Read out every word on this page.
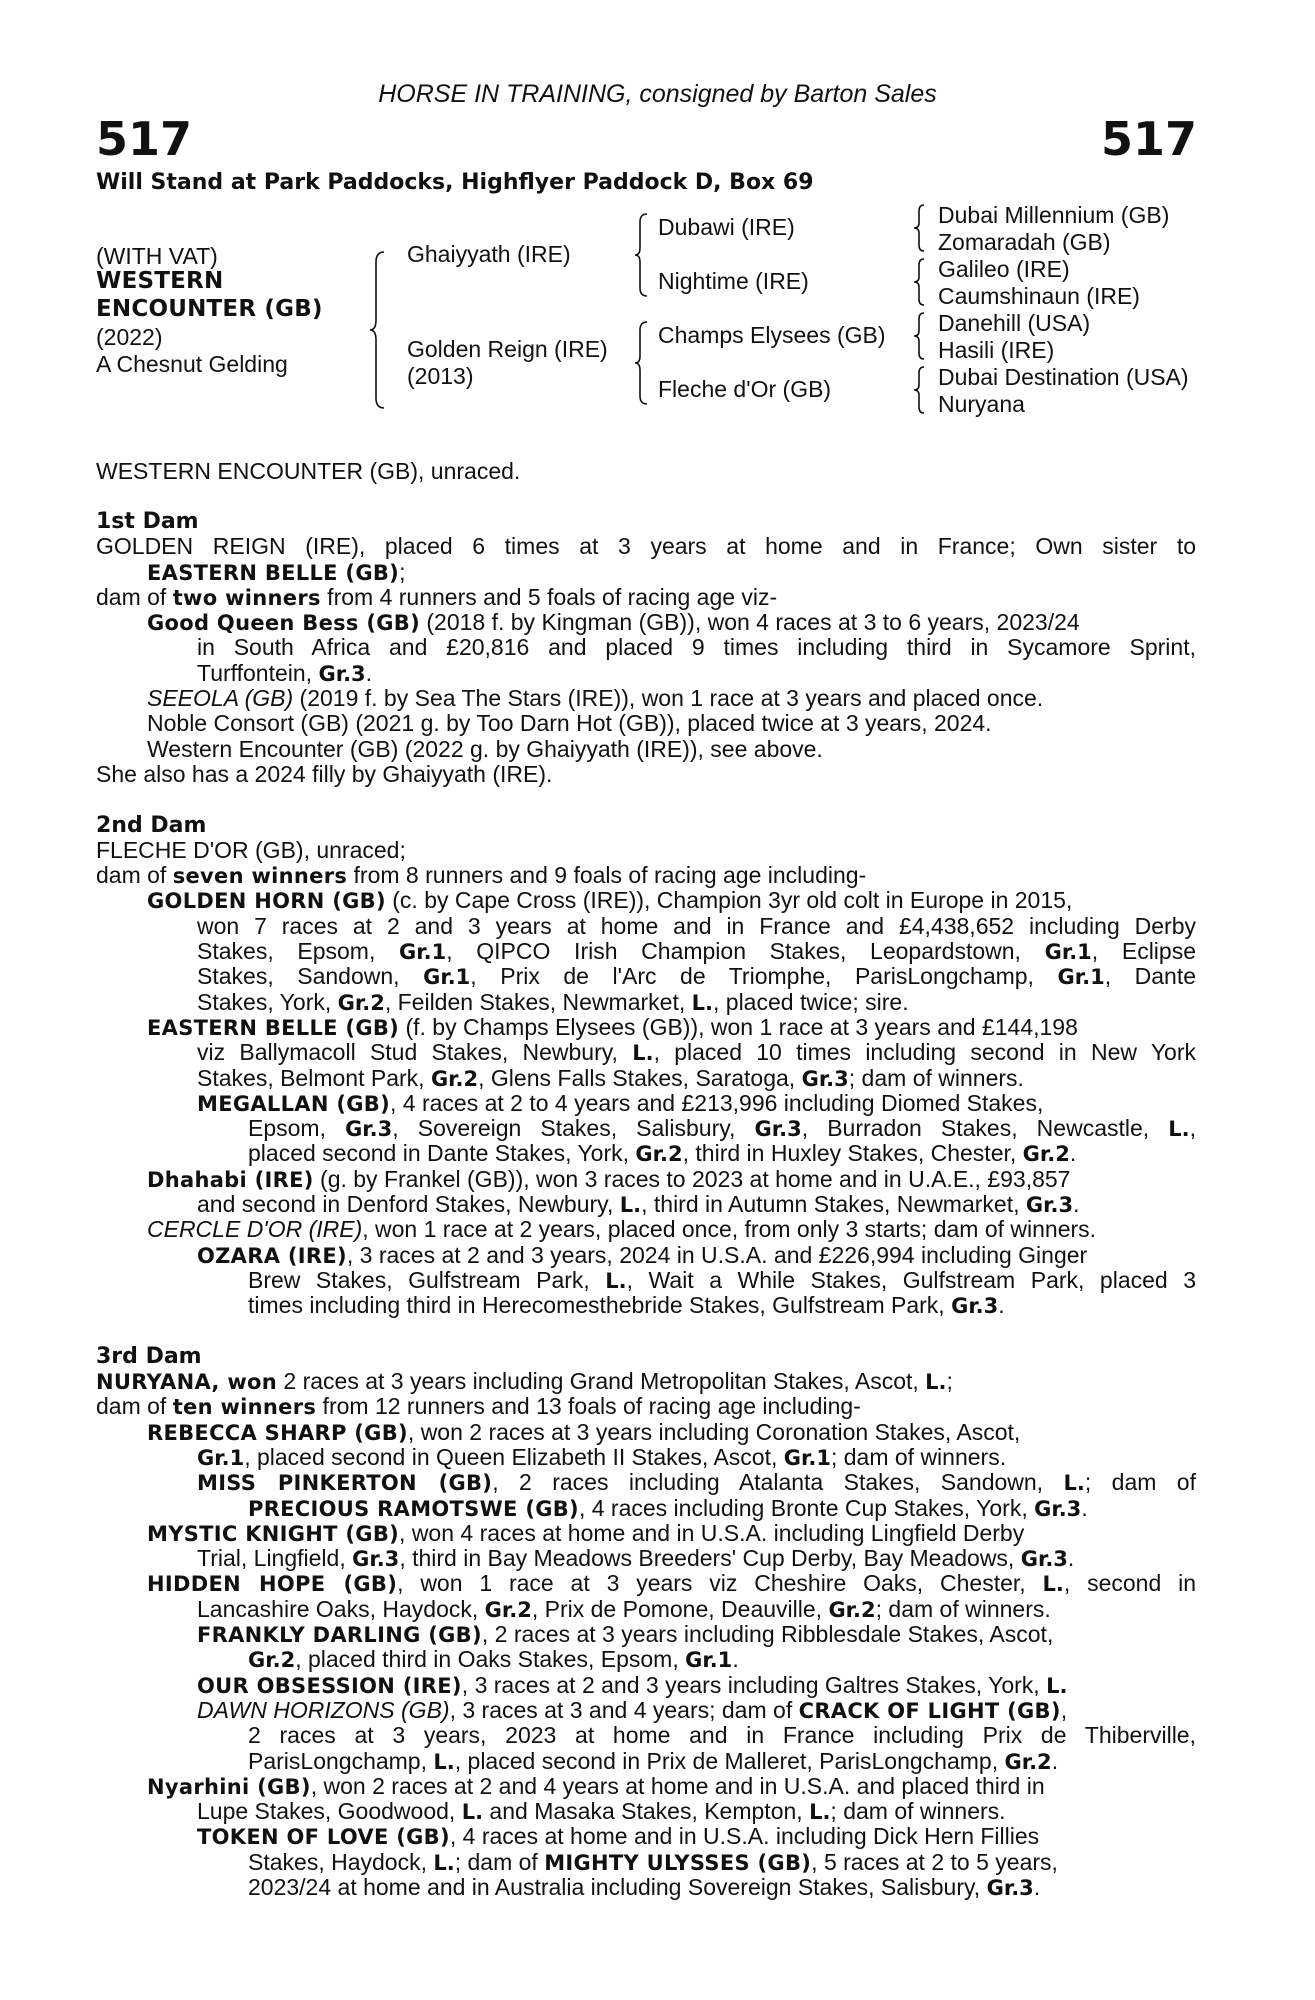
HORSE IN TRAINING, consigned by Barton Sales
517	517
Will Stand at Park Paddocks, Highflyer Paddock D, Box 69
(WITH VAT)
WESTERN
ENCOUNTER (GB)
(2022)
A Chesnut Gelding
Ghaiyyath (IRE)
Golden Reign (IRE)
(2013)
Dubawi (IRE)
Nightime (IRE)
Champs Elysees (GB)
Fleche d'Or (GB)
Dubai Millennium (GB)
Zomaradah (GB)
Galileo (IRE)
Caumshinaun (IRE)
Danehill (USA)
Hasili (IRE)
Dubai Destination (USA)
Nuryana
WESTERN ENCOUNTER (GB), unraced.
1st Dam
GOLDEN REIGN (IRE), placed 6 times at 3 years at home and in France; Own sister to
EASTERN BELLE (GB);
dam of two winners from 4 runners and 5 foals of racing age viz-
Good Queen Bess (GB) (2018 f. by Kingman (GB)), won 4 races at 3 to 6 years, 2023/24
in South Africa and £20,816 and placed 9 times including third in Sycamore Sprint,
Turffontein, Gr.3.
SEEOLA (GB) (2019 f. by Sea The Stars (IRE)), won 1 race at 3 years and placed once.
Noble Consort (GB) (2021 g. by Too Darn Hot (GB)), placed twice at 3 years, 2024.
Western Encounter (GB) (2022 g. by Ghaiyyath (IRE)), see above.
She also has a 2024 filly by Ghaiyyath (IRE).
2nd Dam
FLECHE D'OR (GB), unraced;
dam of seven winners from 8 runners and 9 foals of racing age including-
GOLDEN HORN (GB) (c. by Cape Cross (IRE)), Champion 3yr old colt in Europe in 2015,
won 7 races at 2 and 3 years at home and in France and £4,438,652 including Derby
Stakes, Epsom, Gr.1, QIPCO Irish Champion Stakes, Leopardstown, Gr.1, Eclipse
Stakes, Sandown, Gr.1, Prix de l'Arc de Triomphe, ParisLongchamp, Gr.1, Dante
Stakes, York, Gr.2, Feilden Stakes, Newmarket, L., placed twice; sire.
EASTERN BELLE (GB) (f. by Champs Elysees (GB)), won 1 race at 3 years and £144,198
viz Ballymacoll Stud Stakes, Newbury, L., placed 10 times including second in New York
Stakes, Belmont Park, Gr.2, Glens Falls Stakes, Saratoga, Gr.3; dam of winners.
MEGALLAN (GB), 4 races at 2 to 4 years and £213,996 including Diomed Stakes,
Epsom, Gr.3, Sovereign Stakes, Salisbury, Gr.3, Burradon Stakes, Newcastle, L.,
placed second in Dante Stakes, York, Gr.2, third in Huxley Stakes, Chester, Gr.2.
Dhahabi (IRE) (g. by Frankel (GB)), won 3 races to 2023 at home and in U.A.E., £93,857
and second in Denford Stakes, Newbury, L., third in Autumn Stakes, Newmarket, Gr.3.
CERCLE D'OR (IRE), won 1 race at 2 years, placed once, from only 3 starts; dam of winners.
OZARA (IRE), 3 races at 2 and 3 years, 2024 in U.S.A. and £226,994 including Ginger
Brew Stakes, Gulfstream Park, L., Wait a While Stakes, Gulfstream Park, placed 3
times including third in Herecomesthebride Stakes, Gulfstream Park, Gr.3.
3rd Dam
NURYANA, won 2 races at 3 years including Grand Metropolitan Stakes, Ascot, L.;
dam of ten winners from 12 runners and 13 foals of racing age including-
REBECCA SHARP (GB), won 2 races at 3 years including Coronation Stakes, Ascot,
Gr.1, placed second in Queen Elizabeth II Stakes, Ascot, Gr.1; dam of winners.
MISS PINKERTON (GB), 2 races including Atalanta Stakes, Sandown, L.; dam of
PRECIOUS RAMOTSWE (GB), 4 races including Bronte Cup Stakes, York, Gr.3.
MYSTIC KNIGHT (GB), won 4 races at home and in U.S.A. including Lingfield Derby
Trial, Lingfield, Gr.3, third in Bay Meadows Breeders' Cup Derby, Bay Meadows, Gr.3.
HIDDEN HOPE (GB), won 1 race at 3 years viz Cheshire Oaks, Chester, L., second in
Lancashire Oaks, Haydock, Gr.2, Prix de Pomone, Deauville, Gr.2; dam of winners.
FRANKLY DARLING (GB), 2 races at 3 years including Ribblesdale Stakes, Ascot,
Gr.2, placed third in Oaks Stakes, Epsom, Gr.1.
OUR OBSESSION (IRE), 3 races at 2 and 3 years including Galtres Stakes, York, L.
DAWN HORIZONS (GB), 3 races at 3 and 4 years; dam of CRACK OF LIGHT (GB),
2 races at 3 years, 2023 at home and in France including Prix de Thiberville,
ParisLongchamp, L., placed second in Prix de Malleret, ParisLongchamp, Gr.2.
Nyarhini (GB), won 2 races at 2 and 4 years at home and in U.S.A. and placed third in
Lupe Stakes, Goodwood, L. and Masaka Stakes, Kempton, L.; dam of winners.
TOKEN OF LOVE (GB), 4 races at home and in U.S.A. including Dick Hern Fillies
Stakes, Haydock, L.; dam of MIGHTY ULYSSES (GB), 5 races at 2 to 5 years,
2023/24 at home and in Australia including Sovereign Stakes, Salisbury, Gr.3.
